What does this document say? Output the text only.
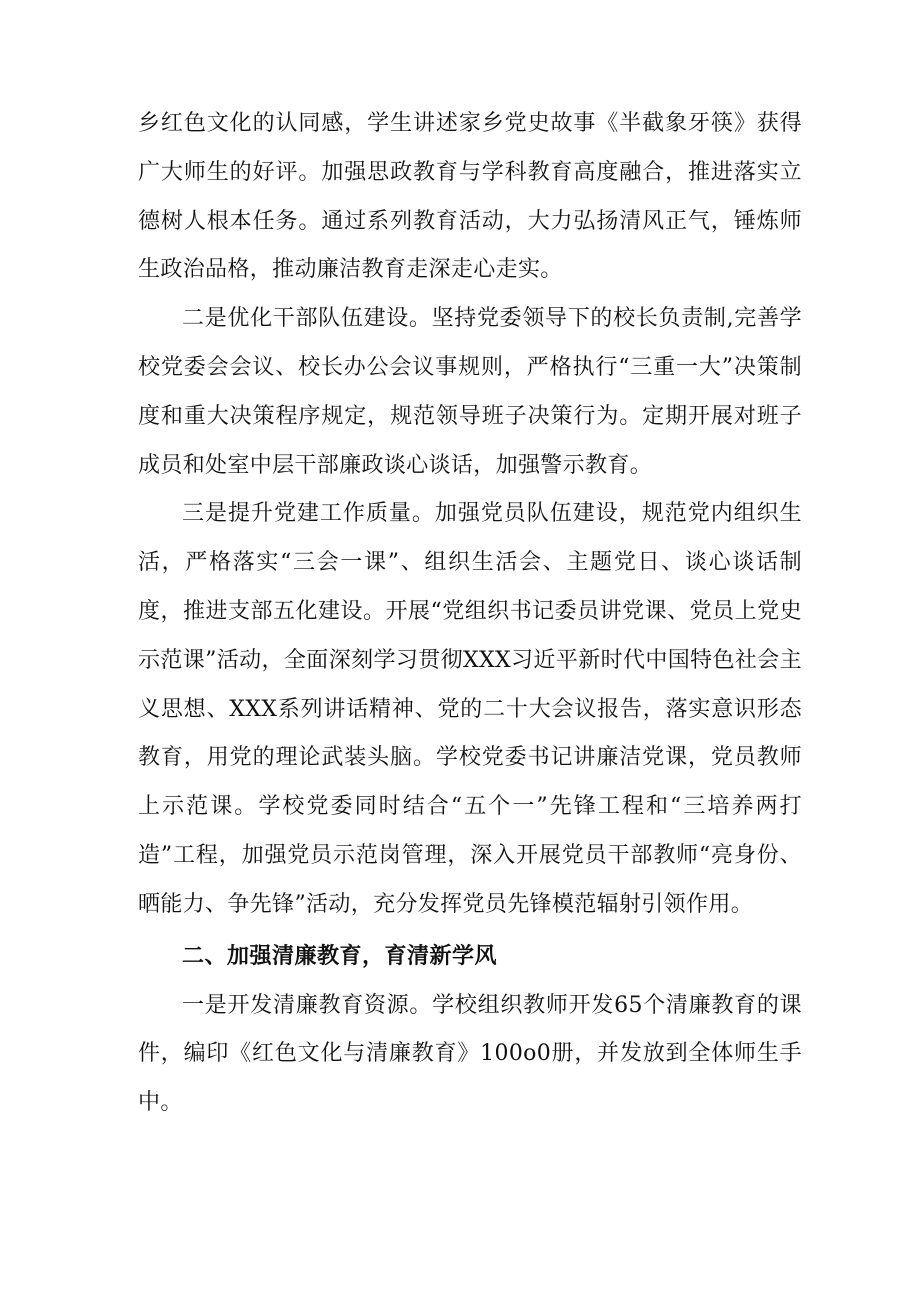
乡红色文化的认同感，学生讲述家乡党史故事《半截象牙筷》获得广大师生的好评。加强思政教育与学科教育高度融合，推进落实立德树人根本任务。通过系列教育活动，大力弘扬清风正气，锤炼师生政治品格，推动廉洁教育走深走心走实。

二是优化干部队伍建设。坚持党委领导下的校长负责制,完善学校党委会会议、校长办公会议事规则，严格执行“三重一大”决策制度和重大决策程序规定，规范领导班子决策行为。定期开展对班子成员和处室中层干部廉政谈心谈话，加强警示教育。

三是提升党建工作质量。加强党员队伍建设，规范党内组织生活，严格落实“三会一课”、组织生活会、主题党日、谈心谈话制度，推进支部五化建设。开展“党组织书记委员讲党课、党员上党史示范课”活动，全面深刻学习贯彻XXX习近平新时代中国特色社会主义思想、XXX系列讲话精神、党的二十大会议报告，落实意识形态教育，用党的理论武装头脑。学校党委书记讲廉洁党课，党员教师上示范课。学校党委同时结合“五个一”先锋工程和“三培养两打造”工程，加强党员示范岗管理，深入开展党员干部教师“亮身份、晒能力、争先锋”活动，充分发挥党员先锋模范辐射引领作用。

二、加强清廉教育，育清新学风

一是开发清廉教育资源。学校组织教师开发65个清廉教育的课件，编印《红色文化与清廉教育》100o0册，并发放到全体师生手中。
